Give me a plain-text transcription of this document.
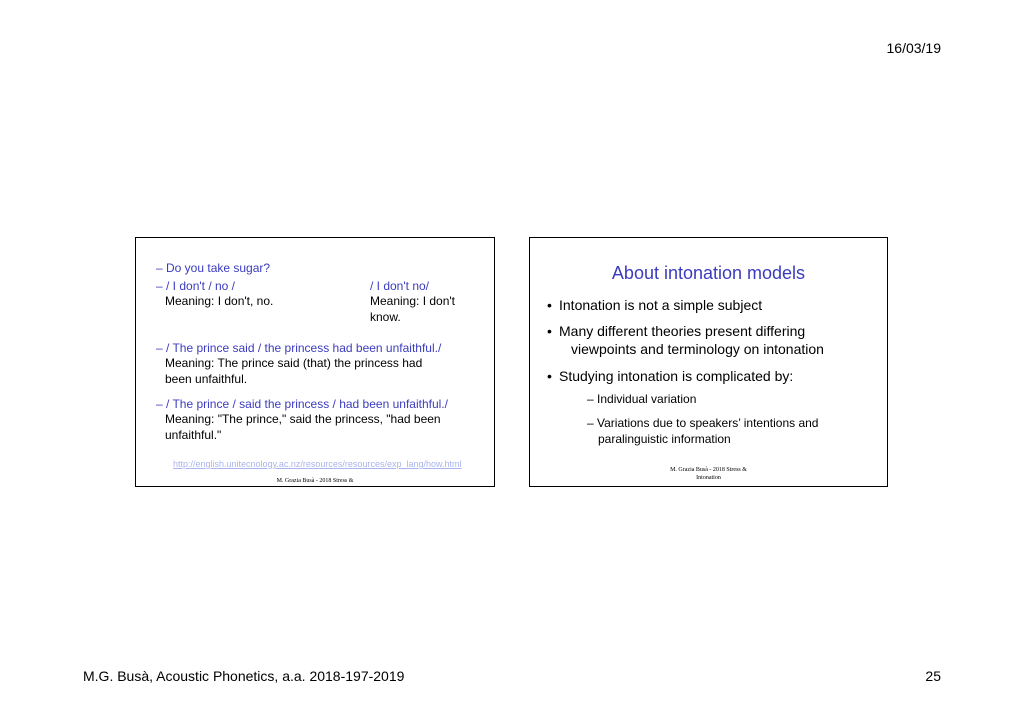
16/03/19
– Do you take sugar?
– / I don't / no /
Meaning: I don't, no.
/ I don't no/
Meaning: I don't
know.
– / The prince said / the princess had been unfaithful./
Meaning: The prince said (that) the princess had
been unfaithful.
– / The prince / said the princess / had been unfaithful./
Meaning: "The prince," said the princess, "had been
unfaithful."
http://english.unitecnology.ac.nz/resources/resources/exp_lang/how.html
M. Grazia Busà - 2018 Stress &
About intonation models
• Intonation is not a simple subject
• Many different theories present differing
viewpoints and terminology on intonation
• Studying intonation is complicated by:
– Individual variation
– Variations due to speakers’ intentions and
paralinguistic information
M. Grazia Busà - 2018 Stress &
Intonation
M.G. Busà, Acoustic Phonetics, a.a. 2018-197-2019	25
